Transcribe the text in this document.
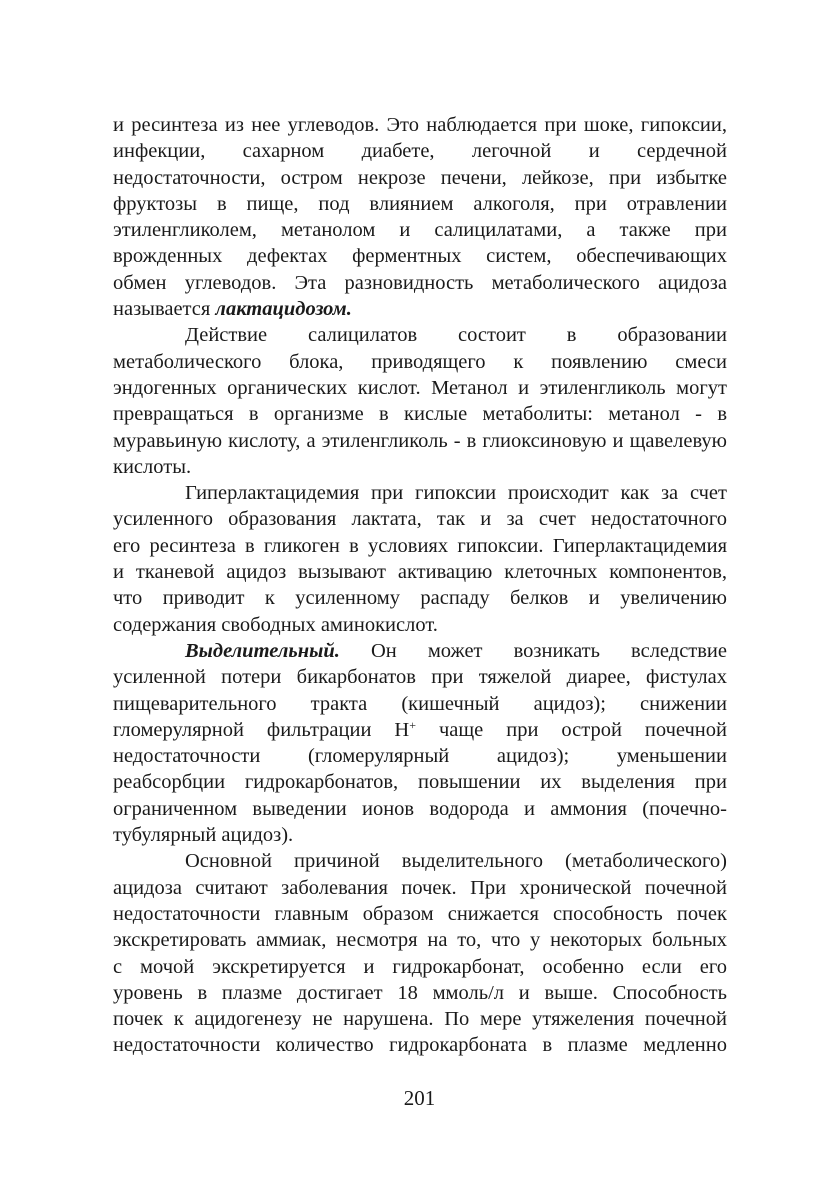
и ресинтеза из нее углеводов. Это наблюдается при шоке, гипоксии,
инфекции, сахарном диабете, легочной и сердечной
недостаточности, остром некрозе печени, лейкозе, при избытке
фруктозы в пище, под влиянием алкоголя, при отравлении
этиленгликолем, метанолом и салицилатами, а также при
врожденных дефектах ферментных систем, обеспечивающих
обмен углеводов. Эта разновидность метаболического ацидоза
называется лактацидозом.

Действие салицилатов состоит в образовании
метаболического блока, приводящего к появлению смеси
эндогенных органических кислот. Метанол и этиленгликоль могут
превращаться в организме в кислые метаболиты: метанол - в
муравьиную кислоту, а этиленгликоль - в глиоксиновую и щавелевую
кислоты.

Гиперлактацидемия при гипоксии происходит как за счет
усиленного образования лактата, так и за счет недостаточного
его ресинтеза в гликоген в условиях гипоксии. Гиперлактацидемия
и тканевой ацидоз вызывают активацию клеточных компонентов,
что приводит к усиленному распаду белков и увеличению
содержания свободных аминокислот.

Выделительный. Он может возникать вследствие
усиленной потери бикарбонатов при тяжелой диарее, фистулах
пищеварительного тракта (кишечный ацидоз); снижении
гломерулярной фильтрации H+ чаще при острой почечной
недостаточности (гломерулярный ацидоз); уменьшении
реабсорбции гидрокарбонатов, повышении их выделения при
ограниченном выведении ионов водорода и аммония (почечно-
тубулярный ацидоз).

Основной причиной выделительного (метаболического)
ацидоза считают заболевания почек. При хронической почечной
недостаточности главным образом снижается способность почек
экскретировать аммиак, несмотря на то, что у некоторых больных
с мочой экскретируется и гидрокарбонат, особенно если его
уровень в плазме достигает 18 ммоль/л и выше. Способность
почек к ацидогенезу не нарушена. По мере утяжеления почечной
недостаточности количество гидрокарбоната в плазме медленно

201
